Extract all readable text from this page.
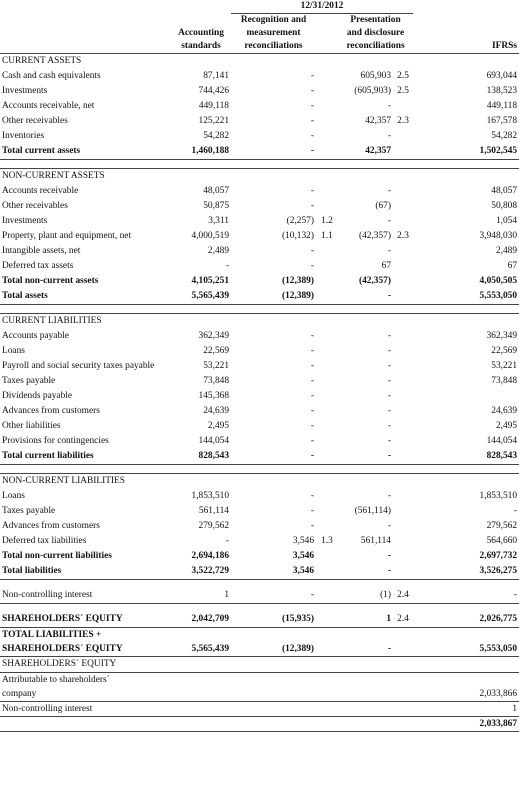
		12/31/2012					
		Recognition and		Presentation			
	Accounting	measurement		and disclosure			
	standards	reconciliations		reconciliations			IFRSs
CURRENT ASSETS							
Cash and cash equivalents	87,141	-		605,903	2.5		693,044
Investments	744,426	-		(605,903)	2.5		138,523
Accounts receivable, net	449,118	-		-			449,118
Other receivables	125,221	-		42,357	2.3		167,578
Inventories	54,282	-		-			54,282
Total current assets	1,460,188	-		42,357			1,502,545

NON-CURRENT ASSETS							
Accounts receivable	48,057	-		-			48,057
Other receivables	50,875	-		(67)			50,808
Investments	3,311	(2,257)	1.2	-			1,054
Property, plant and equipment, net	4,000,519	(10,132)	1.1	(42,357)	2.3		3,948,030
Intangible assets, net	2,489	-		-			2,489
Deferred tax assets	-	-		67			67
Total non-current assets	4,105,251	(12,389)		(42,357)			4,050,505
Total assets	5,565,439	(12,389)		-			5,553,050

CURRENT LIABILITIES							
Accounts payable	362,349	-		-			362,349
Loans	22,569	-		-			22,569
Payroll and social security taxes payable	53,221	-		-			53,221
Taxes payable	73,848	-		-			73,848
Dividends payable	145,368	-		-			
Advances from customers	24,639	-		-			24,639
Other liabilities	2,495	-		-			2,495
Provisions for contingencies	144,054	-		-			144,054
Total current liabilities	828,543	-		-			828,543

NON-CURRENT LIABILITIES							
Loans	1,853,510	-		-			1,853,510
Taxes payable	561,114	-		(561,114)			-
Advances from customers	279,562	-		-			279,562
Deferred tax liabilities	-	3,546	1.3	561,114			564,660
Total non-current liabilities	2,694,186	3,546		-			2,697,732
Total liabilities	3,522,729	3,546		-			3,526,275

Non-controlling interest	1	-		(1)	2.4		-

SHAREHOLDERS´ EQUITY	2,042,709	(15,935)		1	2.4		2,026,775
TOTAL LIABILITIES +							
SHAREHOLDERS´ EQUITY	5,565,439	(12,389)		-			5,553,050
SHAREHOLDERS´ EQUITY							
Attributable to shareholders´							
company							2,033,866
Non-controlling interest							1
							2,033,867
